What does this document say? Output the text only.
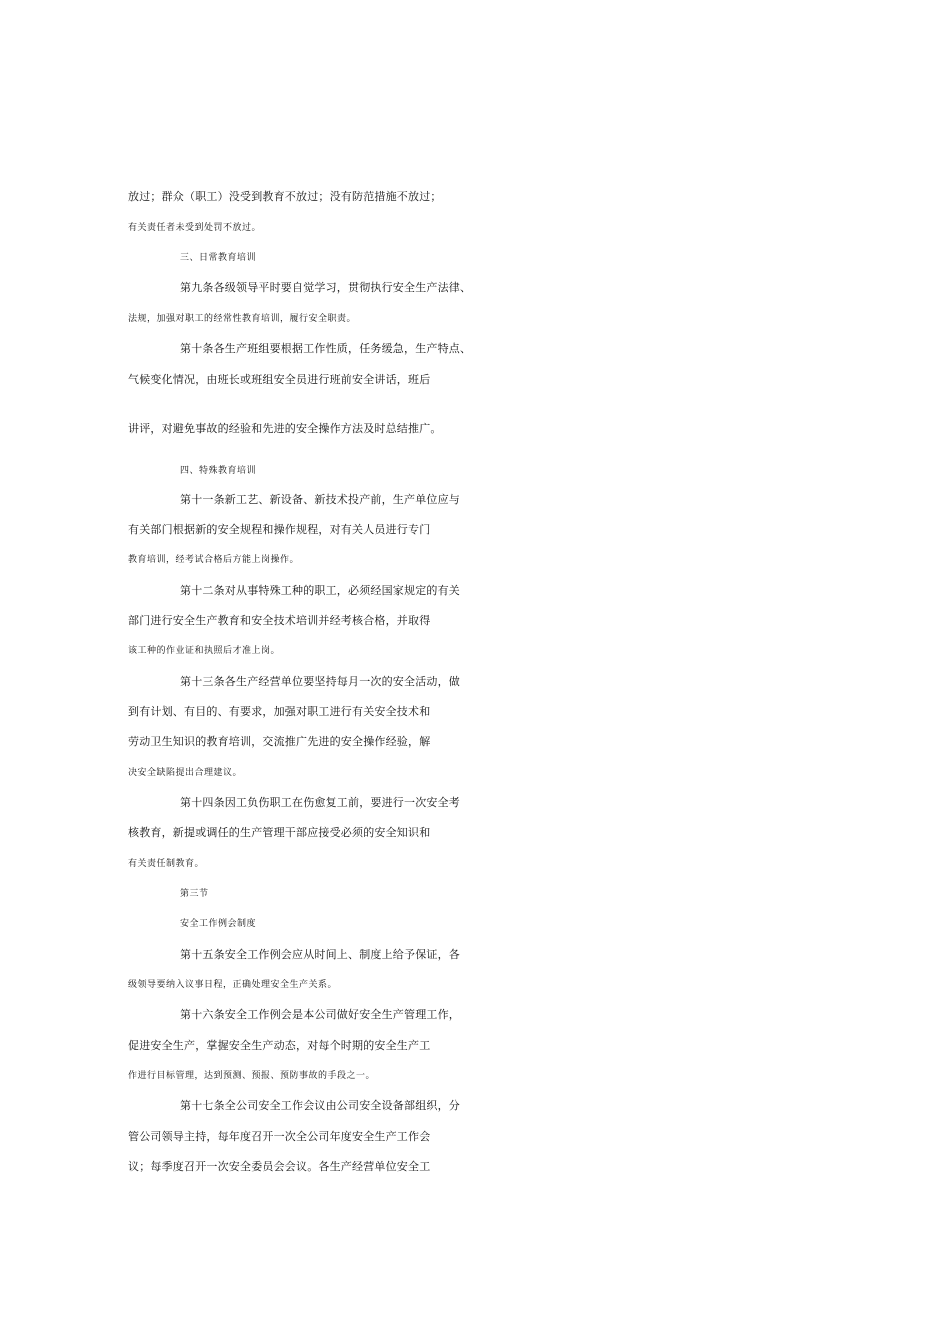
放过；群众（职工）没受到教育不放过；没有防范措施不放过；
有关责任者未受到处罚不放过。
三、日常教育培训
第九条各级领导平时要自觉学习，贯彻执行安全生产法律、
法规，加强对职工的经常性教育培训，履行安全职责。
第十条各生产班组要根据工作性质，任务缓急，生产特点、
气候变化情况，由班长或班组安全员进行班前安全讲话，班后
讲评，对避免事故的经验和先进的安全操作方法及时总结推广。
四、特殊教育培训
第十一条新工艺、新设备、新技术投产前，生产单位应与
有关部门根据新的安全规程和操作规程，对有关人员进行专门
教育培训，经考试合格后方能上岗操作。
第十二条对从事特殊工种的职工，必须经国家规定的有关
部门进行安全生产教育和安全技术培训并经考核合格，并取得
该工种的作业证和执照后才准上岗。
第十三条各生产经营单位要坚持每月一次的安全活动，做
到有计划、有目的、有要求，加强对职工进行有关安全技术和
劳动卫生知识的教育培训，交流推广先进的安全操作经验，解
决安全缺陷提出合理建议。
第十四条因工负伤职工在伤愈复工前，要进行一次安全考
核教育，新提或调任的生产管理干部应接受必须的安全知识和
有关责任制教育。
第三节
安全工作例会制度
第十五条安全工作例会应从时间上、制度上给予保证，各
级领导要纳入议事日程，正确处理安全生产关系。
第十六条安全工作例会是本公司做好安全生产管理工作，
促进安全生产，掌握安全生产动态，对每个时期的安全生产工
作进行目标管理，达到预测、预报、预防事故的手段之一。
第十七条全公司安全工作会议由公司安全设备部组织，分
管公司领导主持，每年度召开一次全公司年度安全生产工作会
议；每季度召开一次安全委员会会议。各生产经营单位安全工
